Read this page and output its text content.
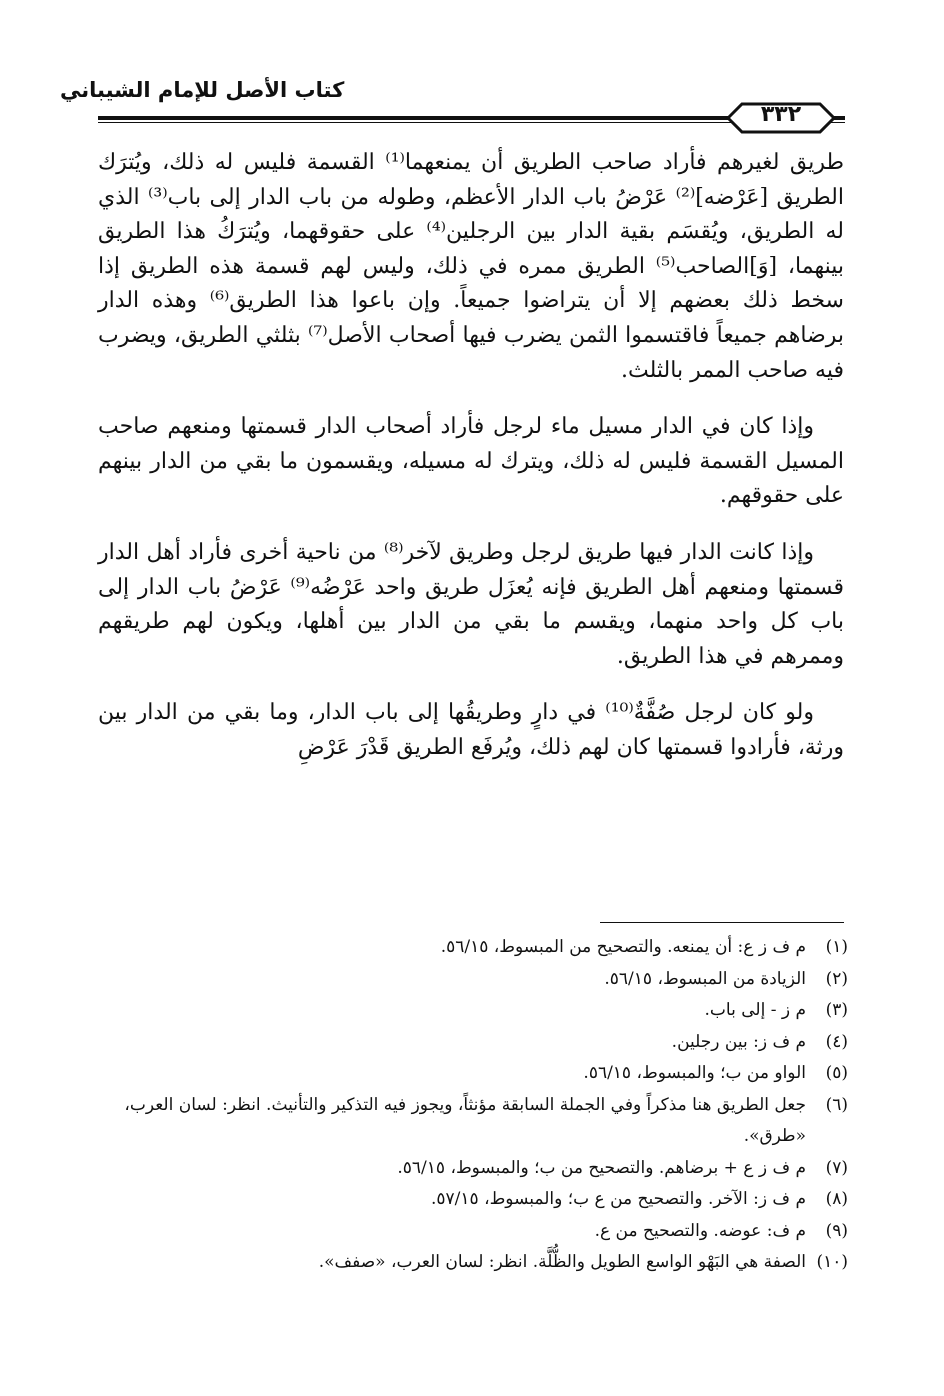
كتاب الأصل للإمام الشيباني
٣٣٢

طريق لغيرهم فأراد صاحب الطريق أن يمنعهما⁽¹⁾ القسمة فليس له ذلك، ويُترَك الطريق [عَرْضه]⁽²⁾ عَرْضُ باب الدار الأعظم، وطوله من باب الدار إلى باب⁽³⁾ الذي له الطريق، ويُقسَم بقية الدار بين الرجلين⁽⁴⁾ على حقوقهما، ويُترَكُ هذا الطريق بينهما، [وَ]الصاحب⁽⁵⁾ الطريق ممره في ذلك، وليس لهم قسمة هذه الطريق إذا سخط ذلك بعضهم إلا أن يتراضوا جميعاً. وإن باعوا هذا الطريق⁽⁶⁾ وهذه الدار برضاهم جميعاً فاقتسموا الثمن يضرب فيها أصحاب الأصل⁽⁷⁾ بثلثي الطريق، ويضرب فيه صاحب الممر بالثلث.

وإذا كان في الدار مسيل ماء لرجل فأراد أصحاب الدار قسمتها ومنعهم صاحب المسيل القسمة فليس له ذلك، ويترك له مسيله، ويقسمون ما بقي من الدار بينهم على حقوقهم.

وإذا كانت الدار فيها طريق لرجل وطريق لآخر⁽⁸⁾ من ناحية أخرى فأراد أهل الدار قسمتها ومنعهم أهل الطريق فإنه يُعزَل طريق واحد عَرْضُه⁽⁹⁾ عَرْضُ باب الدار إلى باب كل واحد منهما، ويقسم ما بقي من الدار بين أهلها، ويكون لهم طريقهم وممرهم في هذا الطريق.

ولو كان لرجل صُفَّةٌ⁽¹⁰⁾ في دارٍ وطريقُها إلى باب الدار، وما بقي من الدار بين ورثة، فأرادوا قسمتها كان لهم ذلك، ويُرفَع الطريق قَدْرَ عَرْضِ

(١)
م ف ز ع: أن يمنعه. والتصحيح من المبسوط، ٥٦/١٥.
(٢)
الزيادة من المبسوط، ٥٦/١٥.
(٣)
م ز - إلى باب.
(٤)
م ف ز: بين رجلين.
(٥)
الواو من ب؛ والمبسوط، ٥٦/١٥.
(٦)
جعل الطريق هنا مذكراً وفي الجملة السابقة مؤنثاً، ويجوز فيه التذكير والتأنيث. انظر: لسان العرب، «طرق».
(٧)
م ف ز ع + برضاهم. والتصحيح من ب؛ والمبسوط، ٥٦/١٥.
(٨)
م ف ز: الآخر. والتصحيح من ع ب؛ والمبسوط، ٥٧/١٥.
(٩)
م ف: عوضه. والتصحيح من ع.
(١٠)
الصفة هي البَهْو الواسع الطويل والظُّلَّة. انظر: لسان العرب، «صفف».
